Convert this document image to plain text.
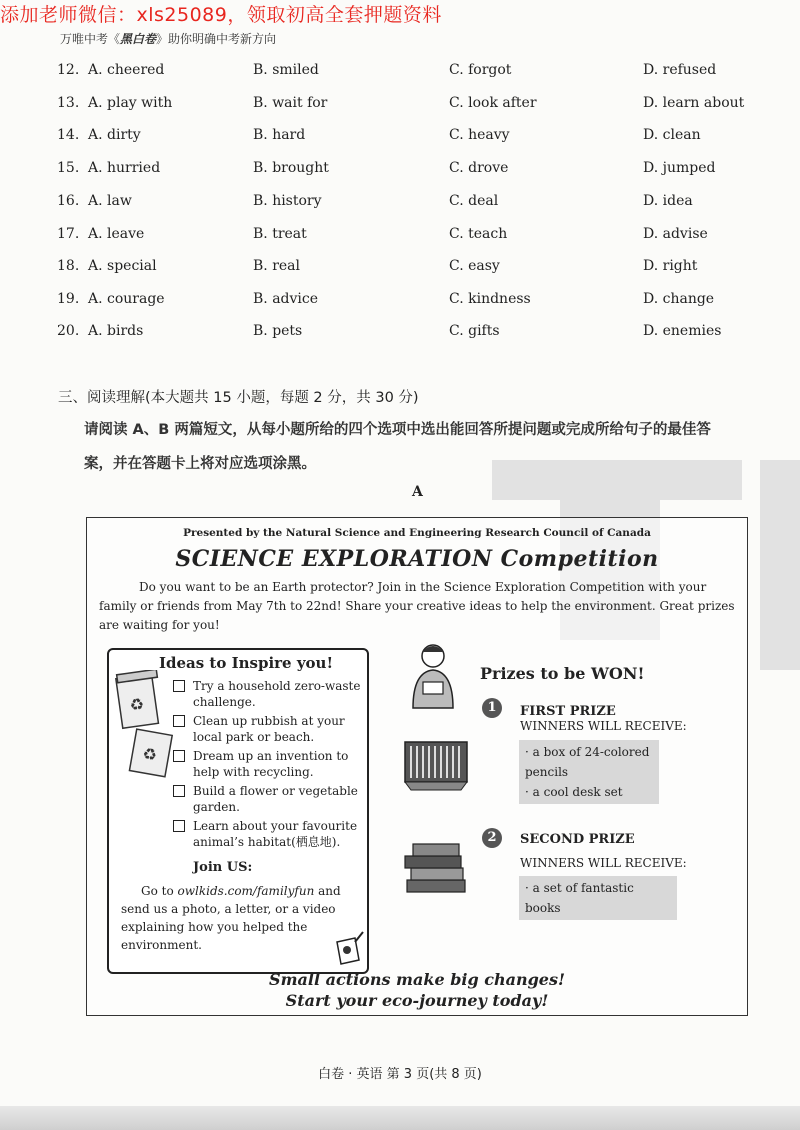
添加老师微信：xls25089，领取初高全套押题资料
万唯中考《黑白卷》助你明确中考新方向
12. A. cheered	B. smiled	C. forgot	D. refused
13. A. play with	B. wait for	C. look after	D. learn about
14. A. dirty	B. hard	C. heavy	D. clean
15. A. hurried	B. brought	C. drove	D. jumped
16. A. law	B. history	C. deal	D. idea
17. A. leave	B. treat	C. teach	D. advise
18. A. special	B. real	C. easy	D. right
19. A. courage	B. advice	C. kindness	D. change
20. A. birds	B. pets	C. gifts	D. enemies
三、阅读理解(本大题共 15 小题，每题 2 分，共 30 分)
请阅读 A、B 两篇短文，从每小题所给的四个选项中选出能回答所提问题或完成所给句子的最佳答
案，并在答题卡上将对应选项涂黑。
A
Presented by the Natural Science and Engineering Research Council of Canada
SCIENCE EXPLORATION Competition
Do you want to be an Earth protector? Join in the Science Exploration Competition with your family or friends from May 7th to 22nd! Share your creative ideas to help the environment. Great prizes are waiting for you!
Ideas to Inspire you!
♻
♻
Try a household zero-waste challenge.
Clean up rubbish at your local park or beach.
Dream up an invention to help with recycling.
Build a flower or vegetable garden.
Learn about your favourite animal’s habitat(栖息地).
Join US:
Go to owlkids.com/familyfun and send us a photo, a letter, or a video explaining how you helped the environment.
Prizes to be WON!
1	FIRST PRIZE
WINNERS WILL RECEIVE:
· a box of 24-colored pencils
· a cool desk set
2	SECOND PRIZE
WINNERS WILL RECEIVE:
· a set of fantastic books
Small actions make big changes!
Start your eco-journey today!
白卷 · 英语 第 3 页(共 8 页)
